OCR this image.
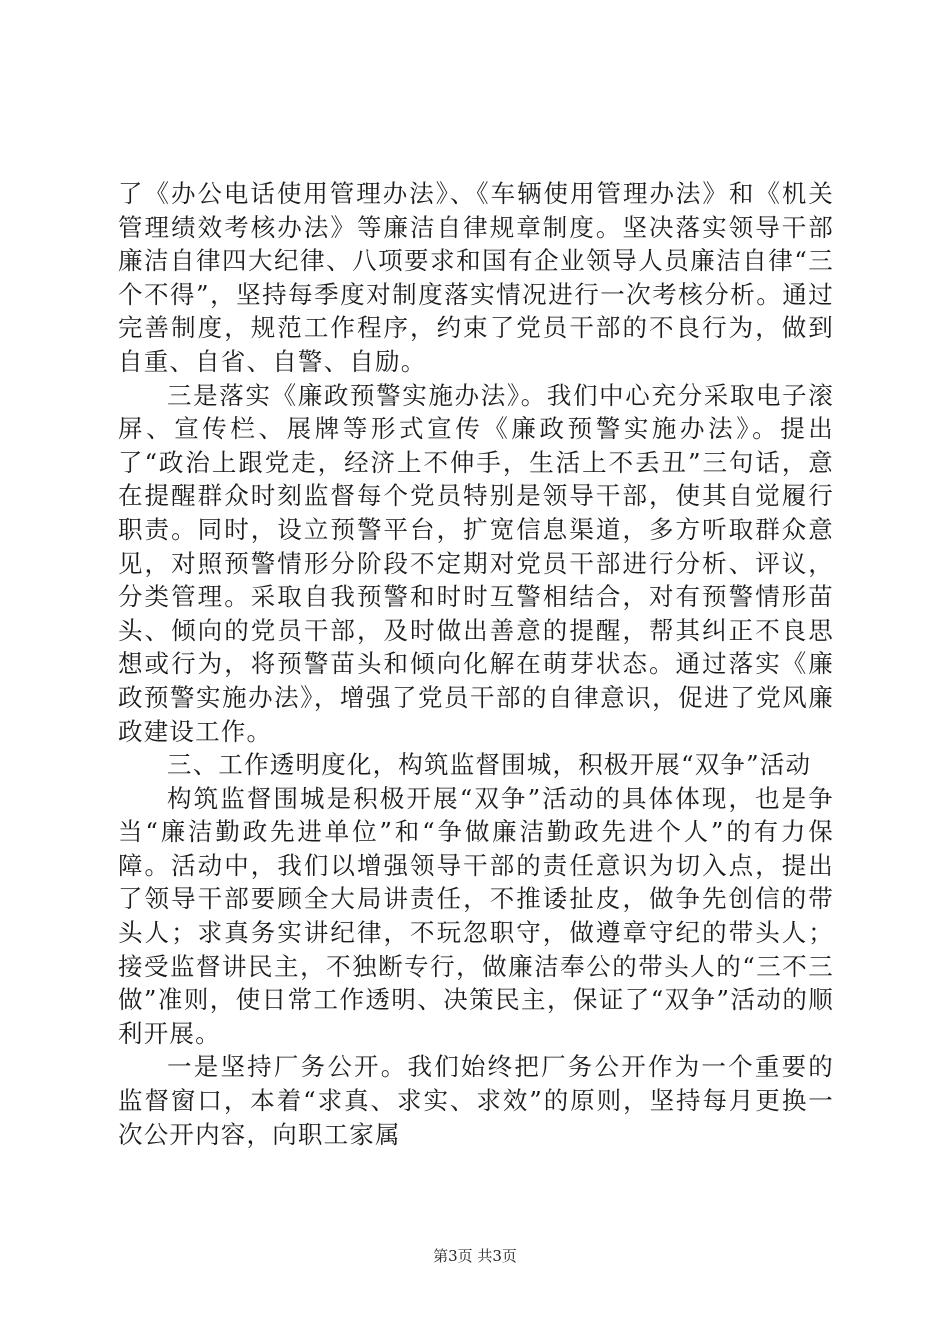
了《办公电话使用管理办法》、《车辆使用管理办法》和《机关管理绩效考核办法》等廉洁自律规章制度。坚决落实领导干部廉洁自律四大纪律、八项要求和国有企业领导人员廉洁自律“三个不得”，坚持每季度对制度落实情况进行一次考核分析。通过完善制度，规范工作程序，约束了党员干部的不良行为，做到自重、自省、自警、自励。

三是落实《廉政预警实施办法》。我们中心充分采取电子滚屏、宣传栏、展牌等形式宣传《廉政预警实施办法》。提出了“政治上跟党走，经济上不伸手，生活上不丢丑”三句话，意在提醒群众时刻监督每个党员特别是领导干部，使其自觉履行职责。同时，设立预警平台，扩宽信息渠道，多方听取群众意见，对照预警情形分阶段不定期对党员干部进行分析、评议，分类管理。采取自我预警和时时互警相结合，对有预警情形苗头、倾向的党员干部，及时做出善意的提醒，帮其纠正不良思想或行为，将预警苗头和倾向化解在萌芽状态。通过落实《廉政预警实施办法》，增强了党员干部的自律意识，促进了党风廉政建设工作。

三、工作透明度化，构筑监督围城，积极开展“双争”活动

构筑监督围城是积极开展“双争”活动的具体体现，也是争当“廉洁勤政先进单位”和“争做廉洁勤政先进个人”的有力保障。活动中，我们以增强领导干部的责任意识为切入点，提出了领导干部要顾全大局讲责任，不推诿扯皮，做争先创信的带头人；求真务实讲纪律，不玩忽职守，做遵章守纪的带头人；接受监督讲民主，不独断专行，做廉洁奉公的带头人的“三不三做”准则，使日常工作透明、决策民主，保证了“双争”活动的顺利开展。

一是坚持厂务公开。我们始终把厂务公开作为一个重要的监督窗口，本着“求真、求实、求效”的原则，坚持每月更换一次公开内容，向职工家属

第3页 共3页
